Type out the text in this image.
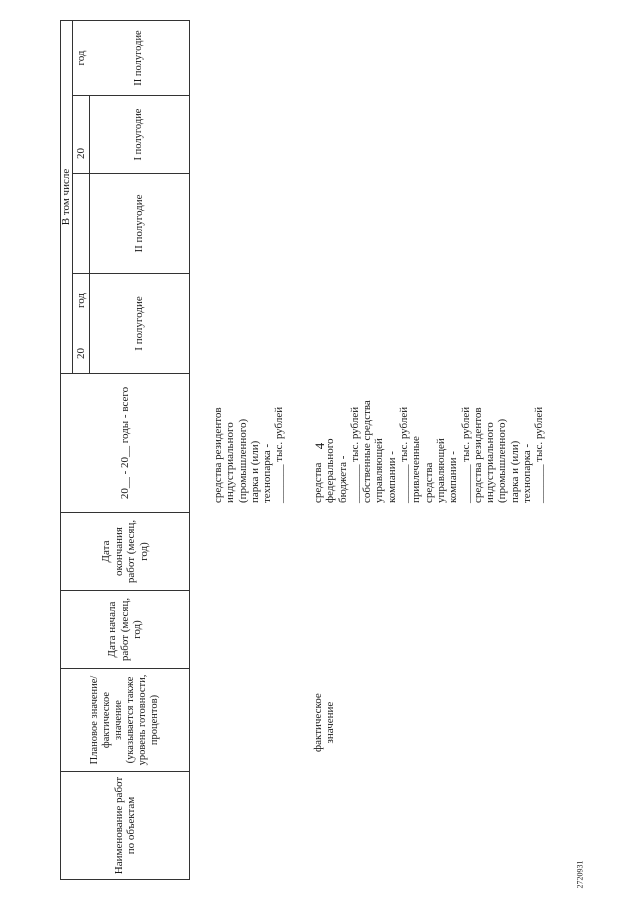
4
Наименование работ по объектам
Плановое значение/ фактическое значение (указывается также уровень готовности, процентов)
Дата начала работ (месяц, год)
Дата окончания работ (месяц, год)
20__ - 20__ годы - всего
В том числе
20
год
20
год
I полугодие
II полугодие
I полугодие
II полугодие
средства резидентов индустриального (промышленного) парка и (или) технопарка - _______ тыс. рублей
фактическое значение
средства федерального бюджета - _______ тыс. рублей собственные средства управляющей компании - _______ тыс. рублей привлеченные средства управляющей компании - _______ тыс. рублей средства резидентов индустриального (промышленного) парка и (или) технопарка - _______ тыс. рублей
2720931
